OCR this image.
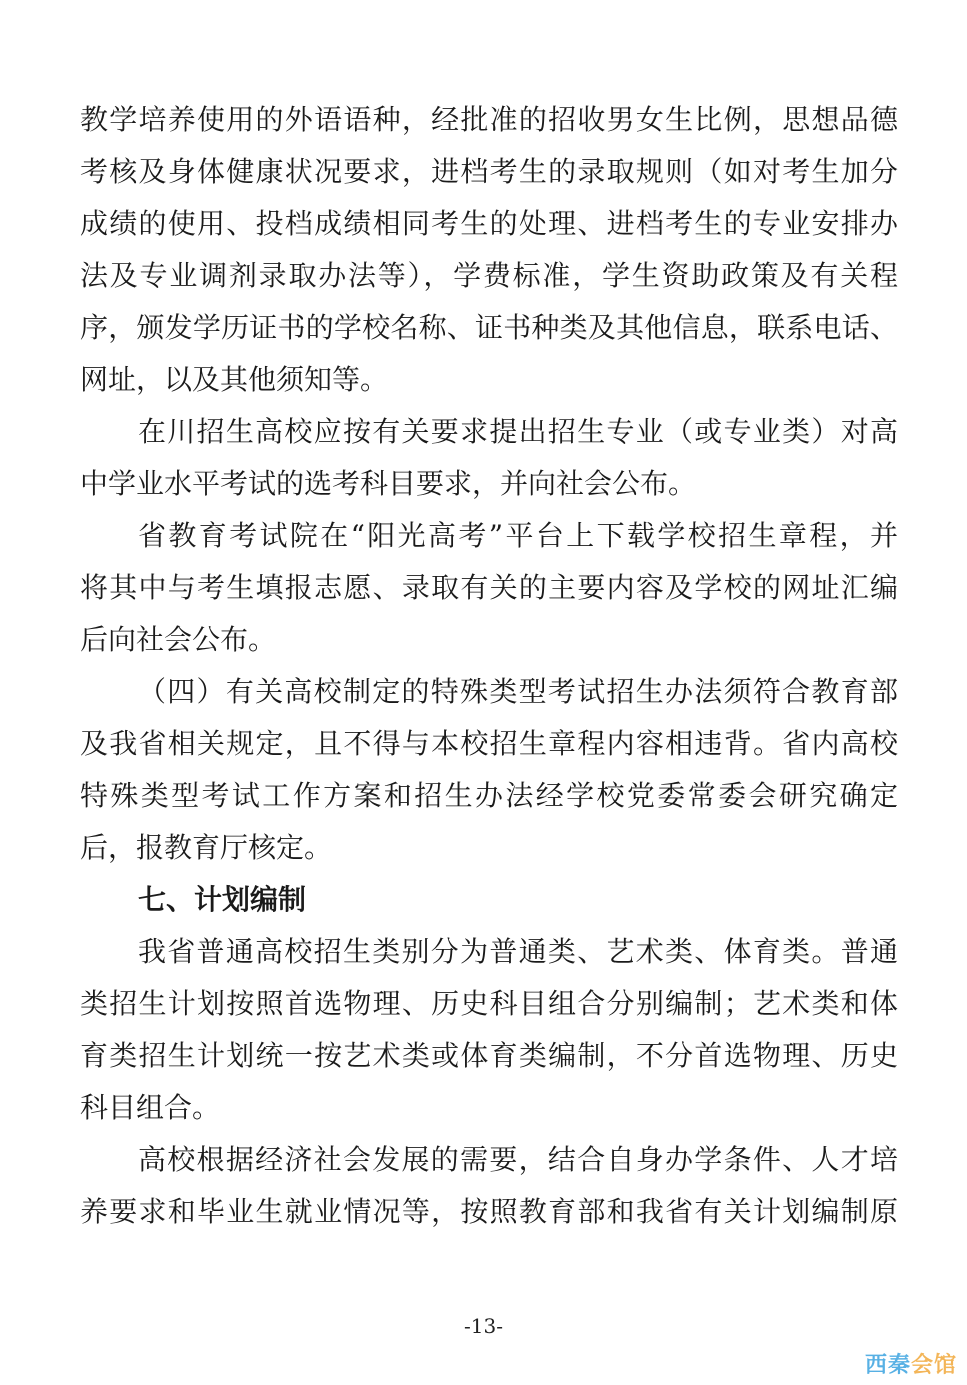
教学培养使用的外语语种，经批准的招收男女生比例，思想品德
考核及身体健康状况要求，进档考生的录取规则（如对考生加分
成绩的使用、投档成绩相同考生的处理、进档考生的专业安排办
法及专业调剂录取办法等），学费标准，学生资助政策及有关程
序，颁发学历证书的学校名称、证书种类及其他信息，联系电话、
网址，以及其他须知等。
在川招生高校应按有关要求提出招生专业（或专业类）对高
中学业水平考试的选考科目要求，并向社会公布。
省教育考试院在“阳光高考”平台上下载学校招生章程，并
将其中与考生填报志愿、录取有关的主要内容及学校的网址汇编
后向社会公布。
（四）有关高校制定的特殊类型考试招生办法须符合教育部
及我省相关规定，且不得与本校招生章程内容相违背。省内高校
特殊类型考试工作方案和招生办法经学校党委常委会研究确定
后，报教育厅核定。
七、计划编制
我省普通高校招生类别分为普通类、艺术类、体育类。普通
类招生计划按照首选物理、历史科目组合分别编制；艺术类和体
育类招生计划统一按艺术类或体育类编制，不分首选物理、历史
科目组合。
高校根据经济社会发展的需要，结合自身办学条件、人才培
养要求和毕业生就业情况等，按照教育部和我省有关计划编制原
-13-
西秦会馆
